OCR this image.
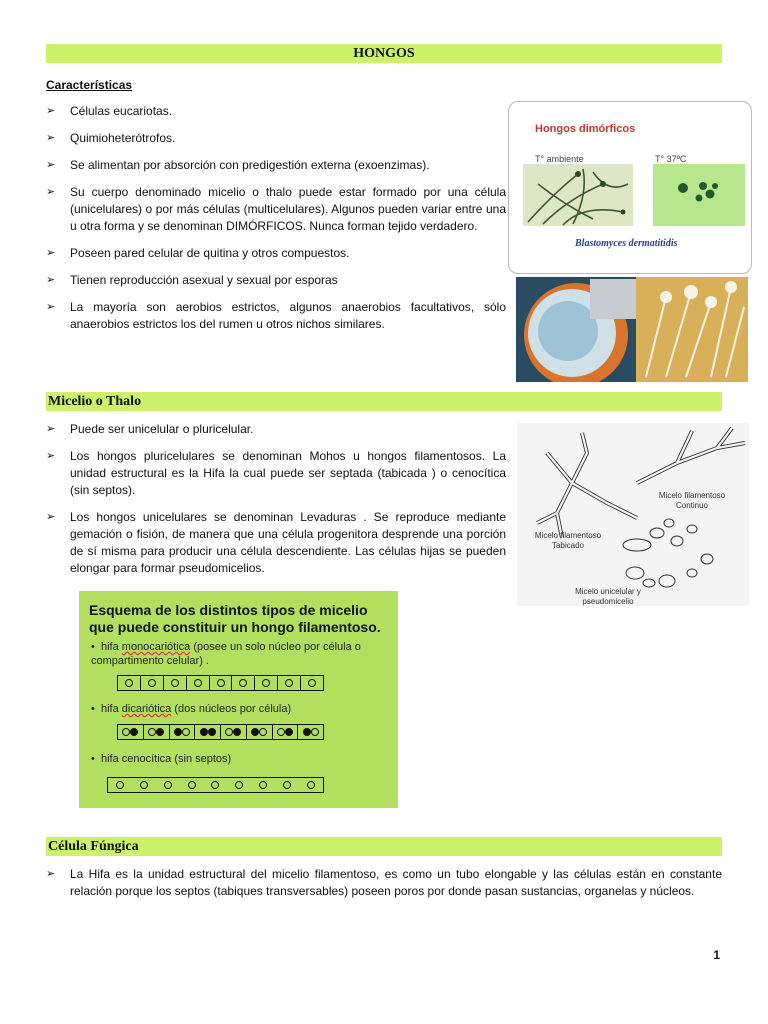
HONGOS
Características
➢ Células eucariotas.
➢ Quimioheterótrofos.
➢ Se alimentan por absorción con predigestión externa (exoenzimas).
➢ Su cuerpo denominado micelio o thalo puede estar formado por una célula (unicelulares) o por más células (multicelulares). Algunos pueden variar entre una u otra forma y se denominan DIMÓRFICOS. Nunca forman tejido verdadero.
➢ Poseen pared celular de quitina y otros compuestos.
➢ Tienen reproducción asexual y sexual por esporas
➢ La mayoría son aerobios estrictos, algunos anaerobios facultativos, sólo anaerobios estrictos los del rumen u otros nichos similares.
Hongos dimórficos
T° ambiente	T° 37ºC
Blastomyces dermatitidis
Micelio o Thalo
➢ Puede ser unicelular o pluricelular.
➢ Los hongos pluricelulares se denominan Mohos u hongos filamentosos. La unidad estructural es la Hifa la cual puede ser septada (tabicada ) o cenocítica (sin septos).
➢ Los hongos unicelulares se denominan Levaduras . Se reproduce mediante gemación o fisión, de manera que una célula progenitora desprende una porción de sí misma para producir una célula descendiente. Las células hijas se pueden elongar para formar pseudomicelios.
Micelo filamentoso
Continuo
Micelo filamentoso
Tabicado
Micelo unicelular y
pseudomicelio
Esquema de los distintos tipos de micelio que puede constituir un hongo filamentoso.
• hifa monocariótica (posee un solo núcleo por célula o compartimento celular) .
• hifa dicariótica (dos núcleos por célula)
• hifa cenocítica (sin septos)
Célula Fúngica
➢ La Hifa es la unidad estructural del micelio filamentoso, es como un tubo elongable y las células están en constante relación porque los septos (tabiques transversables) poseen poros por donde pasan sustancias, organelas y núcleos.
1
